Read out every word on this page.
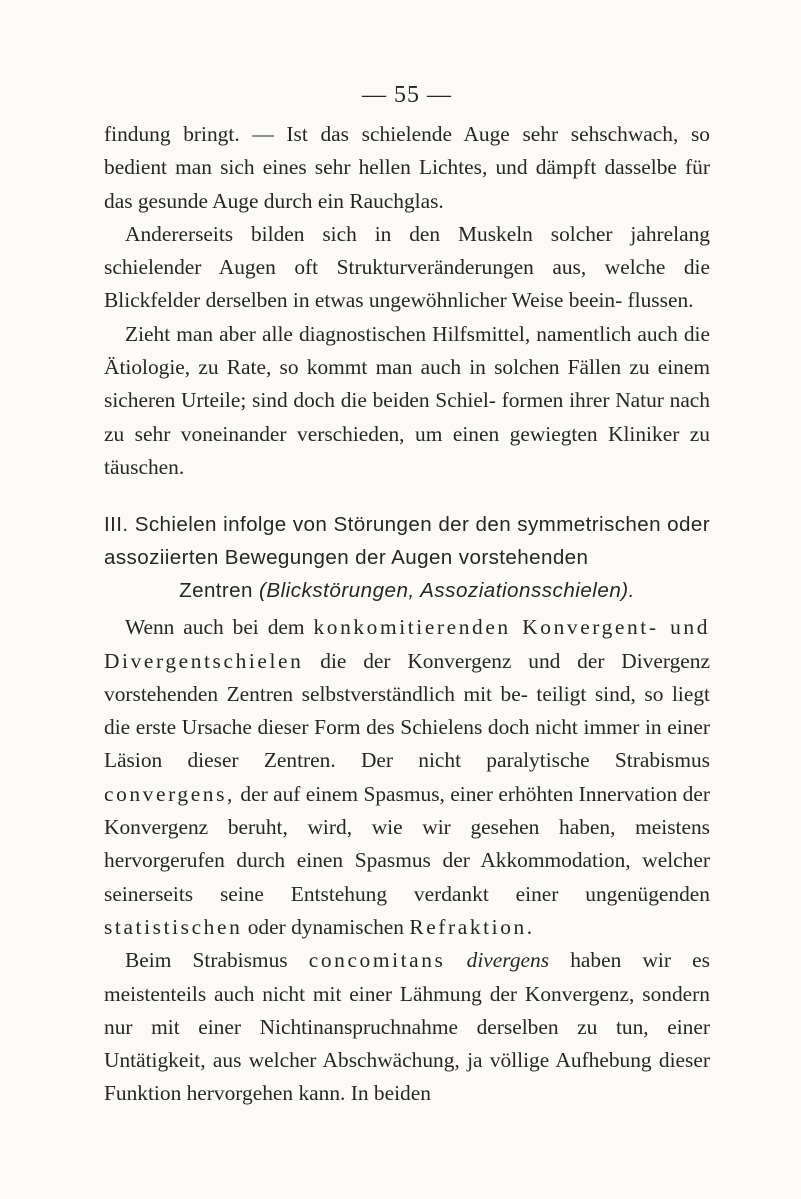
— 55 —

findung bringt. — Ist das schielende Auge sehr sehschwach, so bedient man sich eines sehr hellen Lichtes, und dämpft dasselbe für das gesunde Auge durch ein Rauchglas.

Andererseits bilden sich in den Muskeln solcher jahrelang schielender Augen oft Strukturveränderungen aus, welche die Blickfelder derselben in etwas ungewöhnlicher Weise beein- flussen.

Zieht man aber alle diagnostischen Hilfsmittel, namentlich auch die Ätiologie, zu Rate, so kommt man auch in solchen Fällen zu einem sicheren Urteile; sind doch die beiden Schiel- formen ihrer Natur nach zu sehr voneinander verschieden, um einen gewiegten Kliniker zu täuschen.

III. Schielen infolge von Störungen der den symmetrischen oder assoziierten Bewegungen der Augen vorstehenden
Zentren (Blickstörungen, Assoziationsschielen).

Wenn auch bei dem konkomitierenden Konvergent- und Divergentschielen die der Konvergenz und der Divergenz vorstehenden Zentren selbstverständlich mit be- teiligt sind, so liegt die erste Ursache dieser Form des Schielens doch nicht immer in einer Läsion dieser Zentren. Der nicht paralytische Strabismus convergens, der auf einem Spasmus, einer erhöhten Innervation der Konvergenz beruht, wird, wie wir gesehen haben, meistens hervorgerufen durch einen Spasmus der Akkommodation, welcher seinerseits seine Entstehung verdankt einer ungenügenden statistischen oder dynamischen Refraktion.

Beim Strabismus concomitans divergens haben wir es meistenteils auch nicht mit einer Lähmung der Konvergenz, sondern nur mit einer Nichtinanspruchnahme derselben zu tun, einer Untätigkeit, aus welcher Abschwächung, ja völlige Aufhebung dieser Funktion hervorgehen kann. In beiden
